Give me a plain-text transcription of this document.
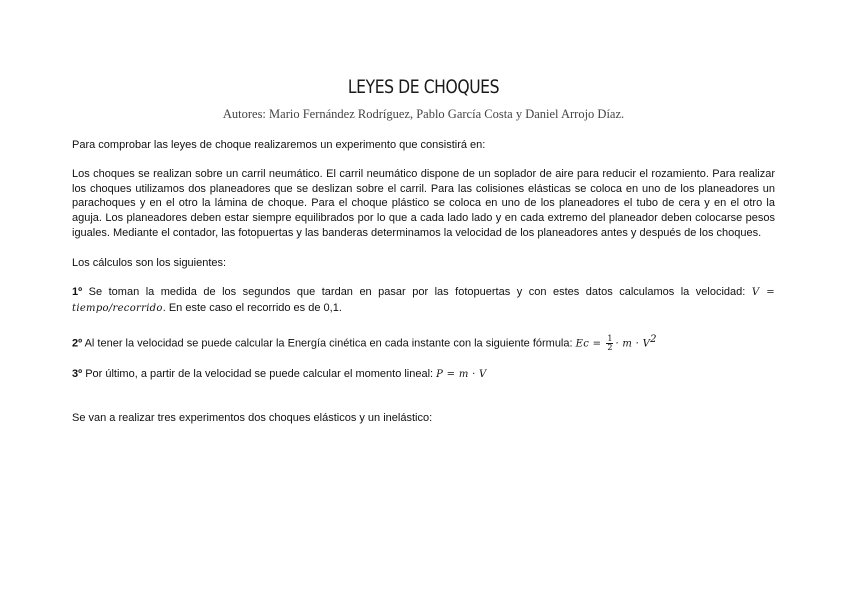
LEYES DE CHOQUES
Autores: Mario Fernández Rodríguez, Pablo García Costa y Daniel Arrojo Díaz.

Para comprobar las leyes de choque realizaremos un experimento que consistirá en:

Los choques se realizan sobre un carril neumático. El carril neumático dispone de un soplador de aire para reducir el rozamiento. Para realizar los choques utilizamos dos planeadores que se deslizan sobre el carril. Para las colisiones elásticas se coloca en uno de los planeadores un parachoques y en el otro la lámina de choque. Para el choque plástico se coloca en uno de los planeadores el tubo de cera y en el otro la aguja. Los planeadores deben estar siempre equilibrados por lo que a cada lado lado y en cada extremo del planeador deben colocarse pesos iguales. Mediante el contador, las fotopuertas y las banderas determinamos la velocidad de los planeadores antes y después de los choques.

Los cálculos son los siguientes:

1º Se toman la medida de los segundos que tardan en pasar por las fotopuertas y con estes datos calculamos la velocidad: V = tiempo/recorrido. En este caso el recorrido es de 0,1.

2º Al tener la velocidad se puede calcular la Energía cinética en cada instante con la siguiente fórmula: $Ec = \frac{1}{2} \cdot m \cdot V^2$

3º Por último, a partir de la velocidad se puede calcular el momento lineal: P = m · V

Se van a realizar tres experimentos dos choques elásticos y un inelástico:
